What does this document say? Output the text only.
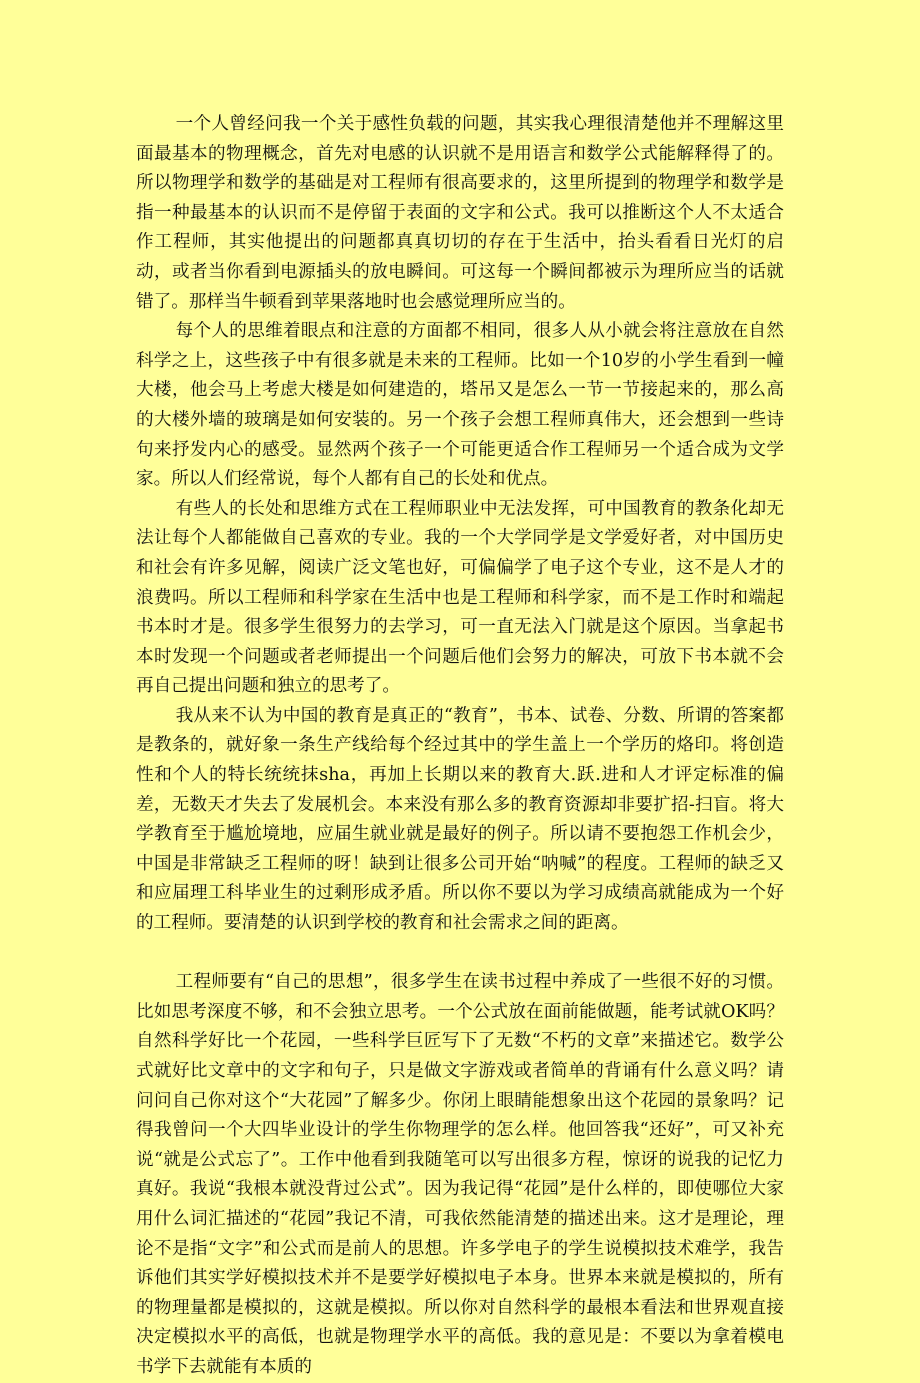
一个人曾经问我一个关于感性负载的问题，其实我心理很清楚他并不理解这里面最基本的物理概念，首先对电感的认识就不是用语言和数学公式能解释得了的。所以物理学和数学的基础是对工程师有很高要求的，这里所提到的物理学和数学是指一种最基本的认识而不是停留于表面的文字和公式。我可以推断这个人不太适合作工程师，其实他提出的问题都真真切切的存在于生活中，抬头看看日光灯的启动，或者当你看到电源插头的放电瞬间。可这每一个瞬间都被示为理所应当的话就错了。那样当牛顿看到苹果落地时也会感觉理所应当的。

每个人的思维着眼点和注意的方面都不相同，很多人从小就会将注意放在自然科学之上，这些孩子中有很多就是未来的工程师。比如一个10岁的小学生看到一幢大楼，他会马上考虑大楼是如何建造的，塔吊又是怎么一节一节接起来的，那么高的大楼外墙的玻璃是如何安装的。另一个孩子会想工程师真伟大，还会想到一些诗句来抒发内心的感受。显然两个孩子一个可能更适合作工程师另一个适合成为文学家。所以人们经常说，每个人都有自己的长处和优点。

有些人的长处和思维方式在工程师职业中无法发挥，可中国教育的教条化却无法让每个人都能做自己喜欢的专业。我的一个大学同学是文学爱好者，对中国历史和社会有许多见解，阅读广泛文笔也好，可偏偏学了电子这个专业，这不是人才的浪费吗。所以工程师和科学家在生活中也是工程师和科学家，而不是工作时和端起书本时才是。很多学生很努力的去学习，可一直无法入门就是这个原因。当拿起书本时发现一个问题或者老师提出一个问题后他们会努力的解决，可放下书本就不会再自己提出问题和独立的思考了。

我从来不认为中国的教育是真正的“教育”，书本、试卷、分数、所谓的答案都是教条的，就好象一条生产线给每个经过其中的学生盖上一个学历的烙印。将创造性和个人的特长统统抹sha，再加上长期以来的教育大.跃.进和人才评定标准的偏差，无数天才失去了发展机会。本来没有那么多的教育资源却非要扩招-扫盲。将大学教育至于尴尬境地，应届生就业就是最好的例子。所以请不要抱怨工作机会少，中国是非常缺乏工程师的呀！缺到让很多公司开始“呐喊”的程度。工程师的缺乏又和应届理工科毕业生的过剩形成矛盾。所以你不要以为学习成绩高就能成为一个好的工程师。要清楚的认识到学校的教育和社会需求之间的距离。

工程师要有“自己的思想”，很多学生在读书过程中养成了一些很不好的习惯。比如思考深度不够，和不会独立思考。一个公式放在面前能做题，能考试就OK吗？自然科学好比一个花园，一些科学巨匠写下了无数“不朽的文章”来描述它。数学公式就好比文章中的文字和句子，只是做文字游戏或者简单的背诵有什么意义吗？请问问自己你对这个“大花园”了解多少。你闭上眼睛能想象出这个花园的景象吗？记得我曾问一个大四毕业设计的学生你物理学的怎么样。他回答我“还好”，可又补充说“就是公式忘了”。工作中他看到我随笔可以写出很多方程，惊讶的说我的记忆力真好。我说“我根本就没背过公式”。因为我记得“花园”是什么样的，即使哪位大家用什么词汇描述的“花园”我记不清，可我依然能清楚的描述出来。这才是理论，理论不是指“文字”和公式而是前人的思想。许多学电子的学生说模拟技术难学，我告诉他们其实学好模拟技术并不是要学好模拟电子本身。世界本来就是模拟的，所有的物理量都是模拟的，这就是模拟。所以你对自然科学的最根本看法和世界观直接决定模拟水平的高低，也就是物理学水平的高低。我的意见是：不要以为拿着模电书学下去就能有本质的
